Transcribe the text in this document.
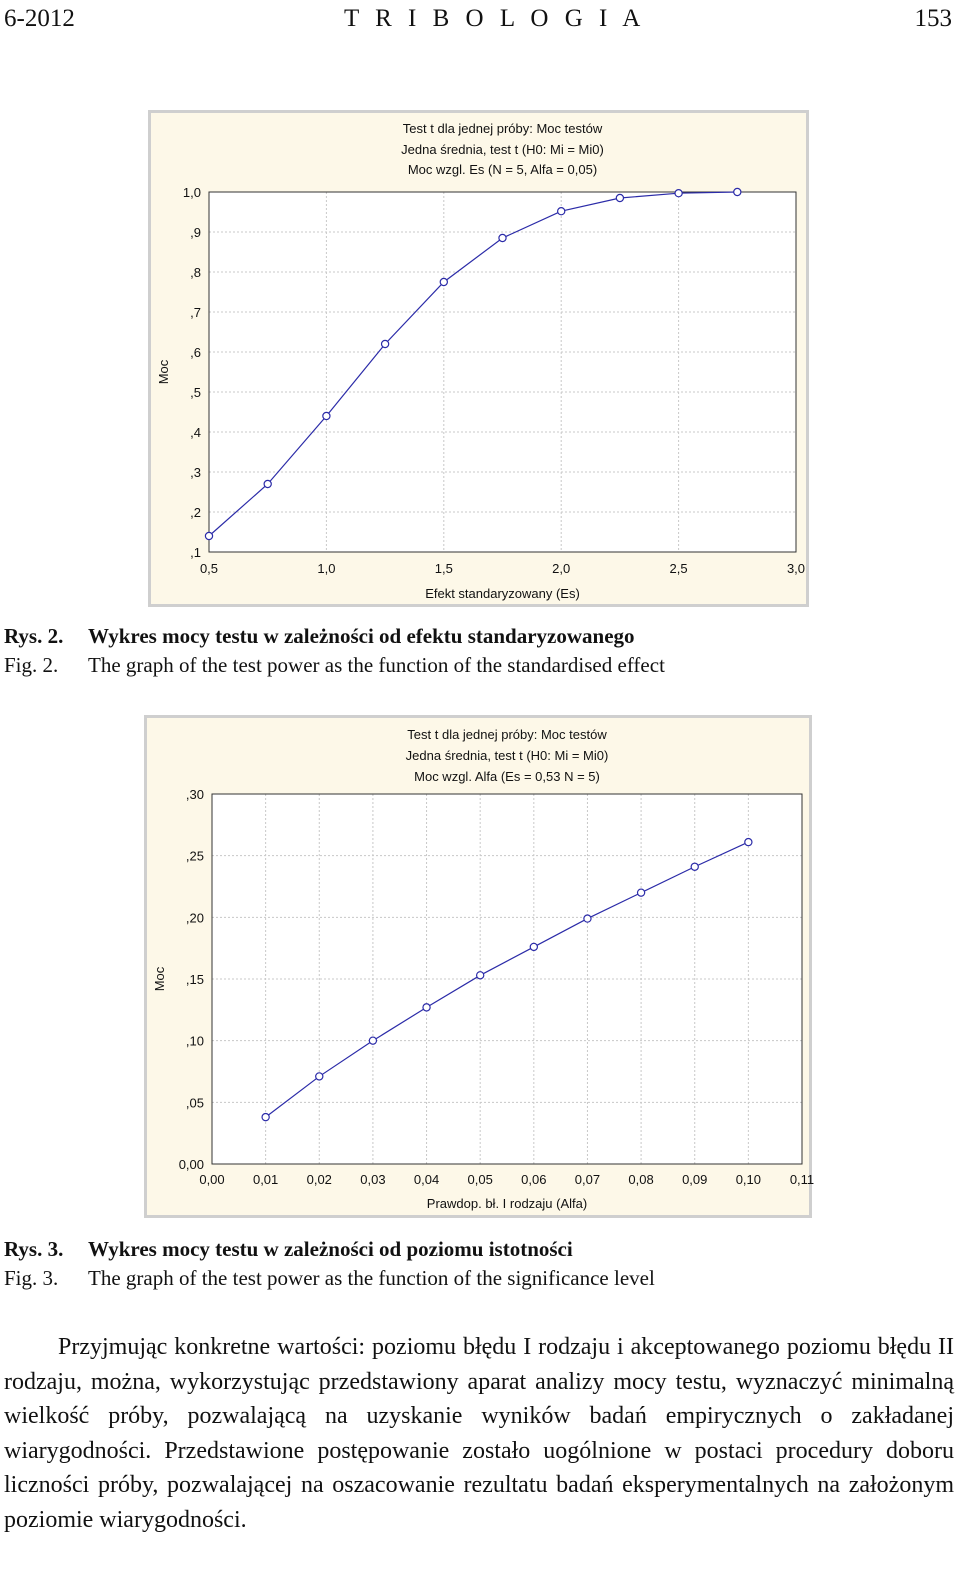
6-2012	T R I B O L O G I A	153
Test t dla jednej próby: Moc testów
Jedna średnia, test t (H0: Mi = Mi0)
Moc wzgl. Es (N = 5, Alfa = 0,05)
0,5	1,0	1,5	2,0	2,5	3,0
,1
,2
,3
,4
,5
,6
,7
,8
,9
1,0
Efekt standaryzowany (Es)
Moc
Rys. 2. Wykres mocy testu w zależności od efektu standaryzowanego
Fig. 2. The graph of the test power as the function of the standardised effect
Test t dla jednej próby: Moc testów
Jedna średnia, test t (H0: Mi = Mi0)
Moc wzgl. Alfa (Es = 0,53 N = 5)
0,00 0,01 0,02 0,03 0,04 0,05 0,06 0,07 0,08 0,09 0,10 0,11
0,00
,05
,10
,15
,20
,25
,30
Prawdop. bł. I rodzaju (Alfa)
Moc
Rys. 3. Wykres mocy testu w zależności od poziomu istotności
Fig. 3. The graph of the test power as the function of the significance level

Przyjmując konkretne wartości: poziomu błędu I rodzaju i akceptowanego poziomu błędu II rodzaju, można, wykorzystując przedstawiony aparat analizy mocy testu, wyznaczyć minimalną wielkość próby, pozwalającą na uzyskanie wyników badań empirycznych o zakładanej wiarygodności. Przedstawione postępowanie zostało uogólnione w postaci procedury doboru liczności próby, pozwalającej na oszacowanie rezultatu badań eksperymentalnych na założonym poziomie wiarygodności.
